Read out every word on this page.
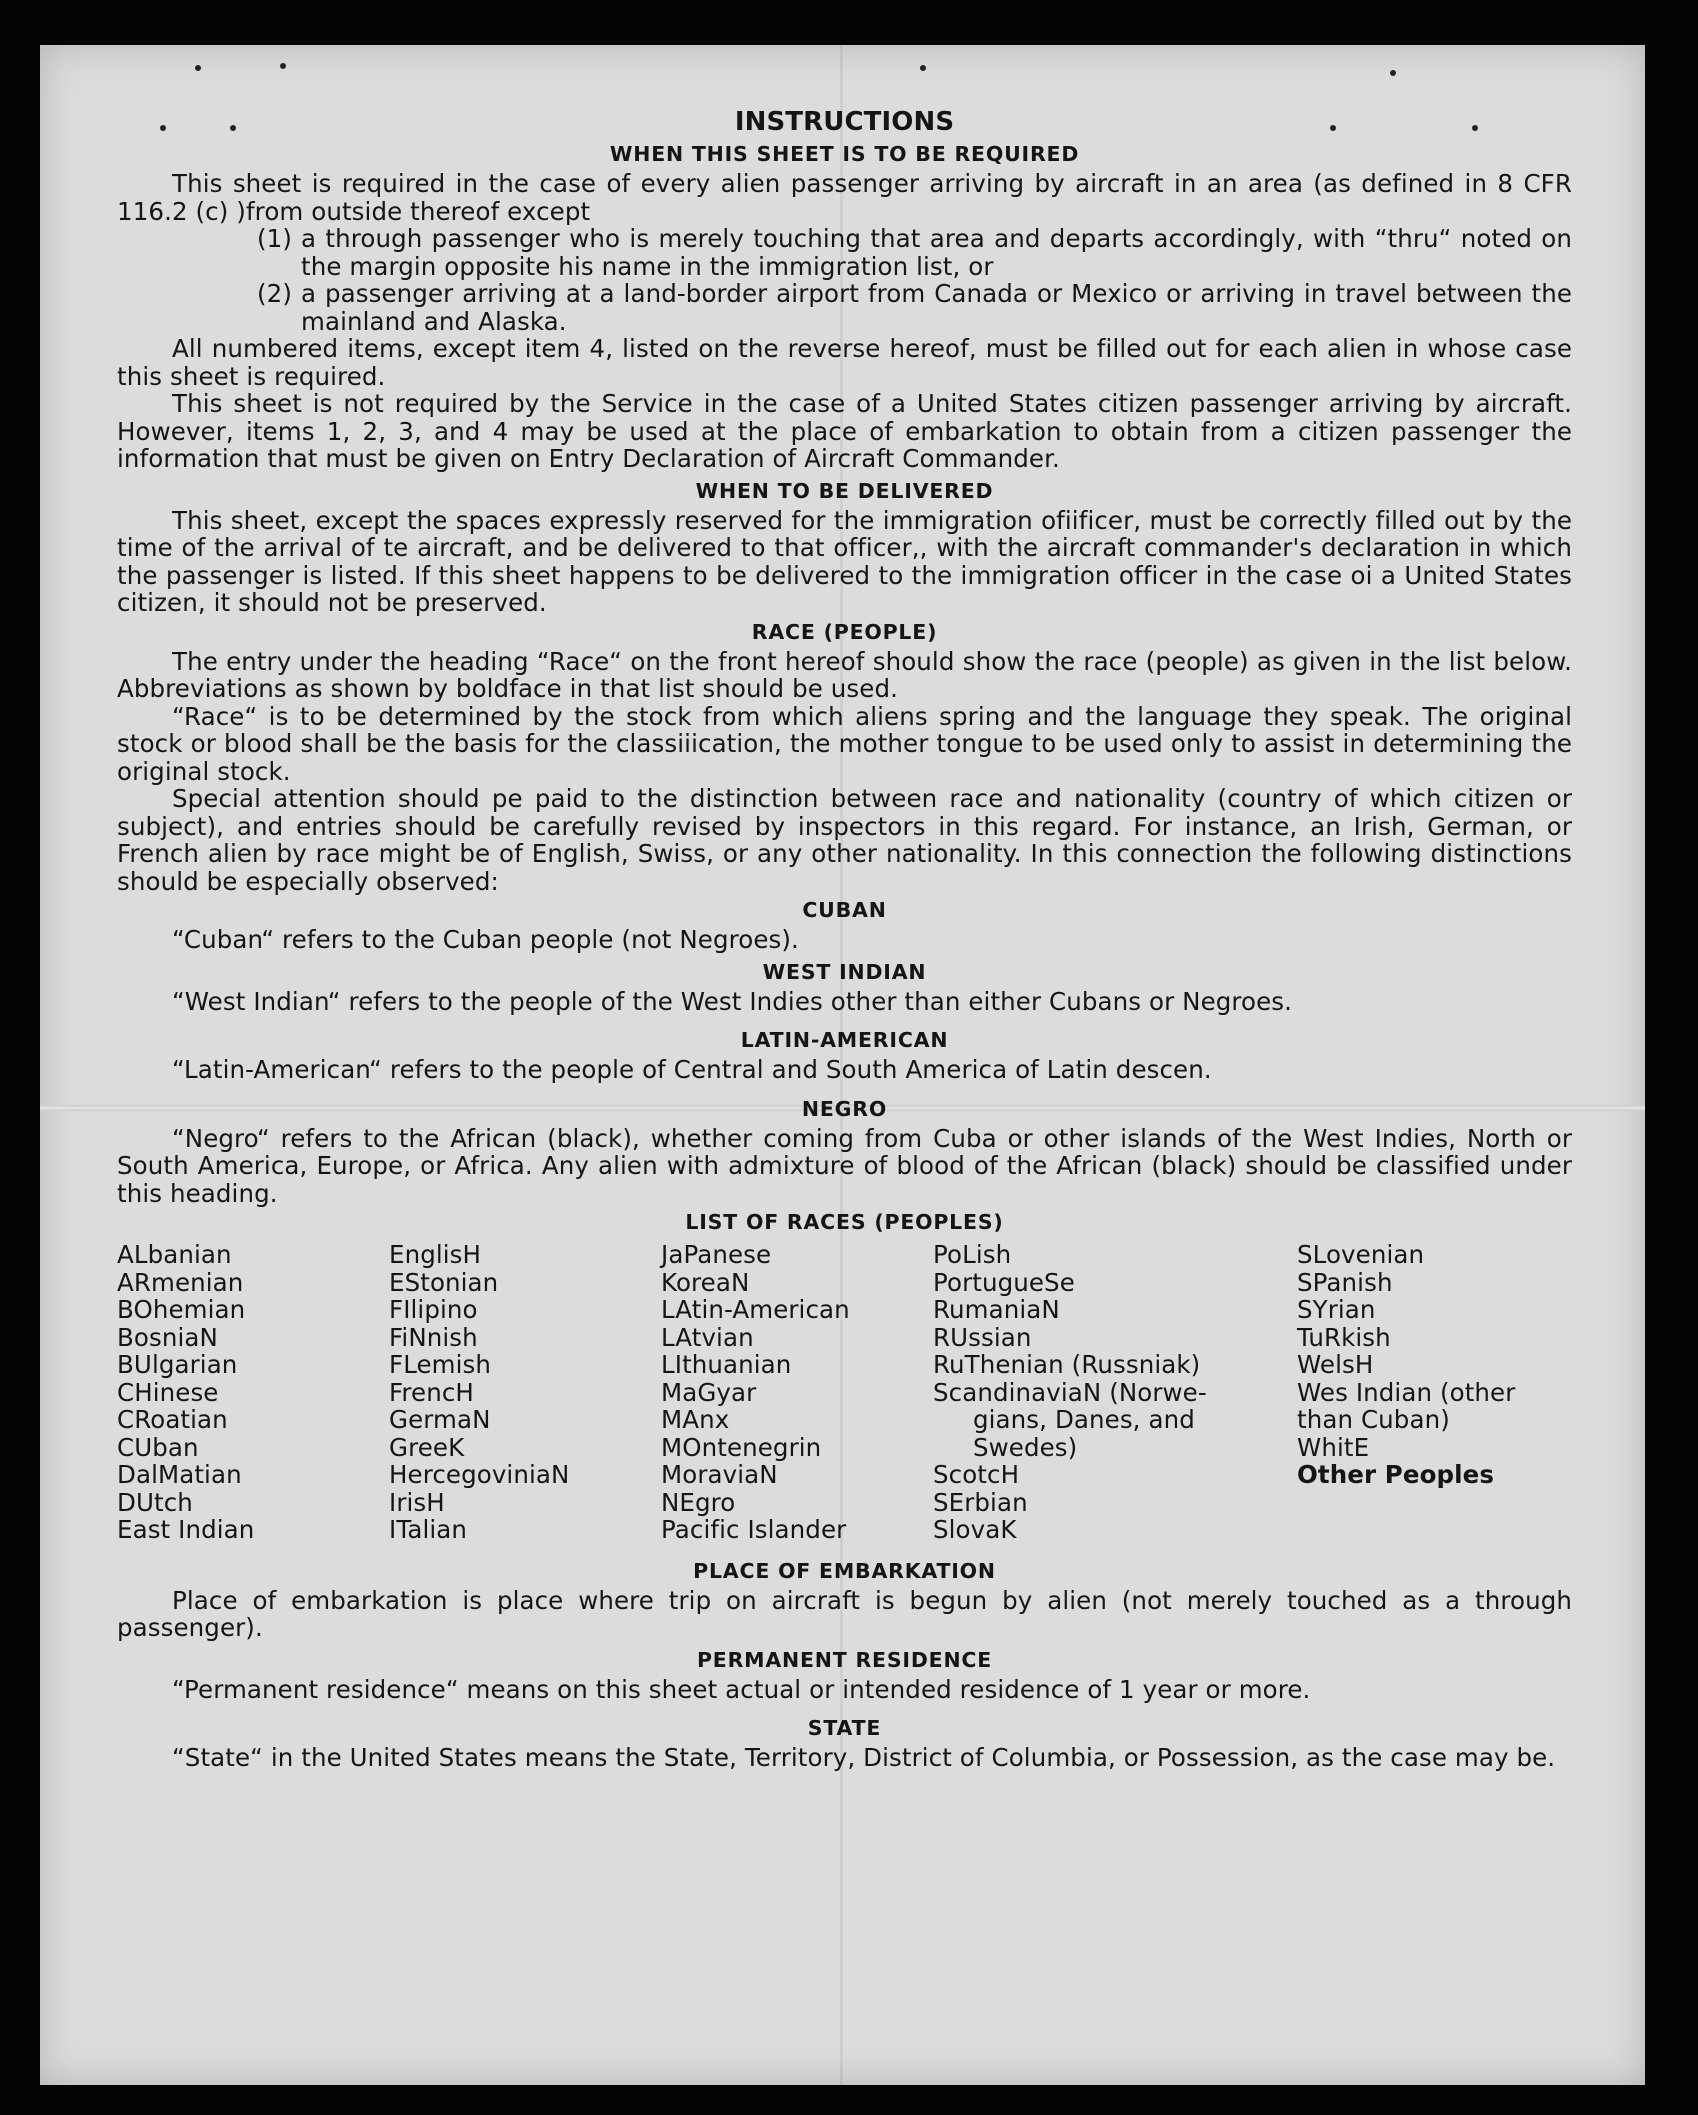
INSTRUCTIONS
WHEN THIS SHEET IS TO BE REQUIRED

This sheet is required in the case of every alien passenger arriving by aircraft in an area (as defined in 8 CFR 116.2 (c) )from outside thereof except

(1) a through passenger who is merely touching that area and departs accordingly, with “thru“ noted on the margin opposite his name in the immigration list, or
(2) a passenger arriving at a land-border airport from Canada or Mexico or arriving in travel between the mainland and Alaska.

All numbered items, except item 4, listed on the reverse hereof, must be filled out for each alien in whose case this sheet is required.

This sheet is not required by the Service in the case of a United States citizen passenger arriving by aircraft. However, items 1, 2, 3, and 4 may be used at the place of embarkation to obtain from a citizen passenger the information that must be given on Entry Declaration of Aircraft Commander.

WHEN TO BE DELIVERED

This sheet, except the spaces expressly reserved for the immigration ofiificer, must be correctly filled out by the time of the arrival of te aircraft, and be delivered to that officer,, with the aircraft commander's declaration in which the passenger is listed. If this sheet happens to be delivered to the immigration officer in the case oi a United States citizen, it should not be preserved.

RACE (PEOPLE)

The entry under the heading “Race“ on the front hereof should show the race (people) as given in the list below. Abbreviations as shown by boldface in that list should be used.

“Race“ is to be determined by the stock from which aliens spring and the language they speak. The original stock or blood shall be the basis for the classiiication, the mother tongue to be used only to assist in determining the original stock.

Special attention should pe paid to the distinction between race and nationality (country of which citizen or subject), and entries should be carefully revised by inspectors in this regard. For instance, an Irish, German, or French alien by race might be of English, Swiss, or any other nationality. In this connection the following distinctions should be especially observed:

CUBAN

“Cuban“ refers to the Cuban people (not Negroes).

WEST INDIAN

“West Indian“ refers to the people of the West Indies other than either Cubans or Negroes.

LATIN-AMERICAN

“Latin-American“ refers to the people of Central and South America of Latin descen.

NEGRO

“Negro“ refers to the African (black), whether coming from Cuba or other islands of the West Indies, North or South America, Europe, or Africa. Any alien with admixture of blood of the African (black) should be classified under this heading.

LIST OF RACES (PEOPLES)
ALbanian
ARmenian
BOhemian
BosniaN
BUlgarian
CHinese
CRoatian
CUban
DalMatian
DUtch
East Indian
EnglisH
EStonian
FIlipino
FiNnish
FLemish
FrencH
GermaN
GreeK
HercegoviniaN
IrisH
ITalian
JaPanese
KoreaN
LAtin-American
LAtvian
LIthuanian
MaGyar
MAnx
MOntenegrin
MoraviaN
NEgro
Pacific Islander
PoLish
PortugueSe
RumaniaN
RUssian
RuThenian (Russniak)
ScandinaviaN (Norwe-
gians, Danes, and
Swedes)
ScotcH
SErbian
SlovaK
SLovenian
SPanish
SYrian
TuRkish
WelsH
Wes Indian (other than Cuban)
WhitE
Other Peoples
PLACE OF EMBARKATION

Place of embarkation is place where trip on aircraft is begun by alien (not merely touched as a through passenger).

PERMANENT RESIDENCE

“Permanent residence“ means on this sheet actual or intended residence of 1 year or more.

STATE

“State“ in the United States means the State, Territory, District of Columbia, or Possession, as the case may be.
